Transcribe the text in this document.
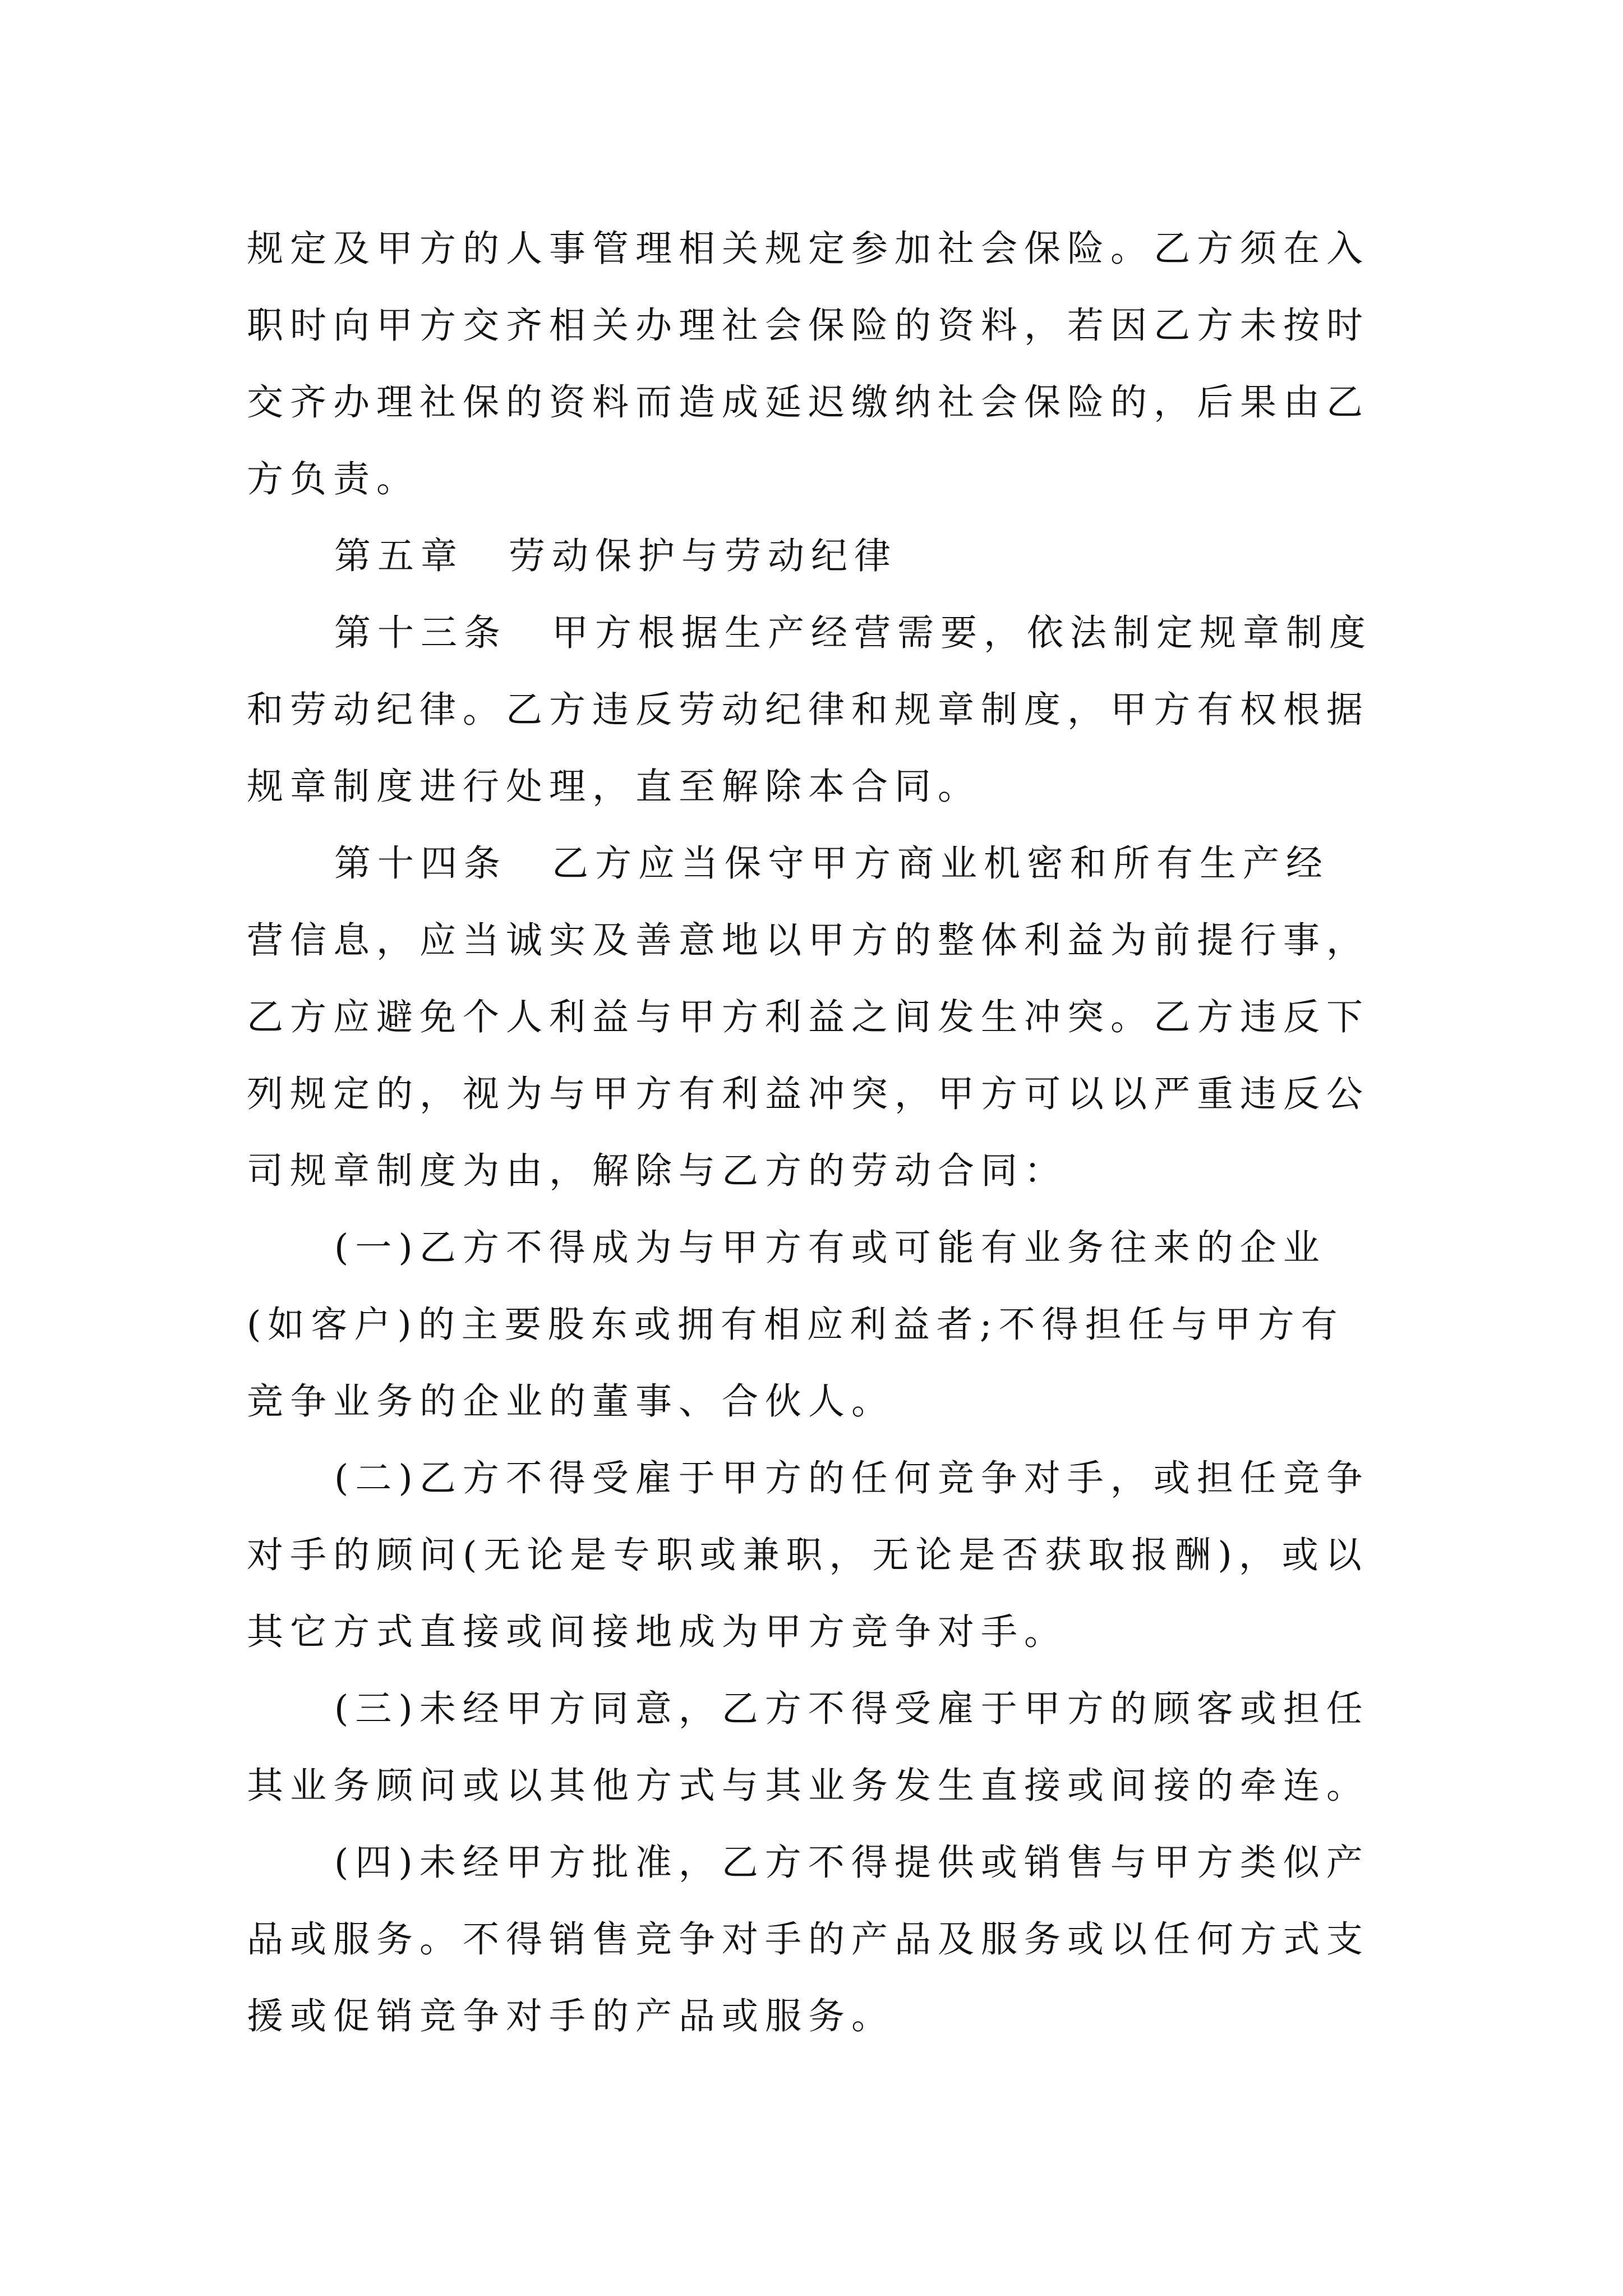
规定及甲方的人事管理相关规定参加社会保险。乙方须在入
职时向甲方交齐相关办理社会保险的资料，若因乙方未按时
交齐办理社保的资料而造成延迟缴纳社会保险的，后果由乙
方负责。
第五章 劳动保护与劳动纪律
第十三条 甲方根据生产经营需要，依法制定规章制度
和劳动纪律。乙方违反劳动纪律和规章制度，甲方有权根据
规章制度进行处理，直至解除本合同。
第十四条 乙方应当保守甲方商业机密和所有生产经
营信息，应当诚实及善意地以甲方的整体利益为前提行事，
乙方应避免个人利益与甲方利益之间发生冲突。乙方违反下
列规定的，视为与甲方有利益冲突，甲方可以以严重违反公
司规章制度为由，解除与乙方的劳动合同：
(一)乙方不得成为与甲方有或可能有业务往来的企业
(如客户)的主要股东或拥有相应利益者;不得担任与甲方有
竞争业务的企业的董事、合伙人。
(二)乙方不得受雇于甲方的任何竞争对手，或担任竞争
对手的顾问(无论是专职或兼职，无论是否获取报酬)，或以
其它方式直接或间接地成为甲方竞争对手。
(三)未经甲方同意，乙方不得受雇于甲方的顾客或担任
其业务顾问或以其他方式与其业务发生直接或间接的牵连。
(四)未经甲方批准，乙方不得提供或销售与甲方类似产
品或服务。不得销售竞争对手的产品及服务或以任何方式支
援或促销竞争对手的产品或服务。
